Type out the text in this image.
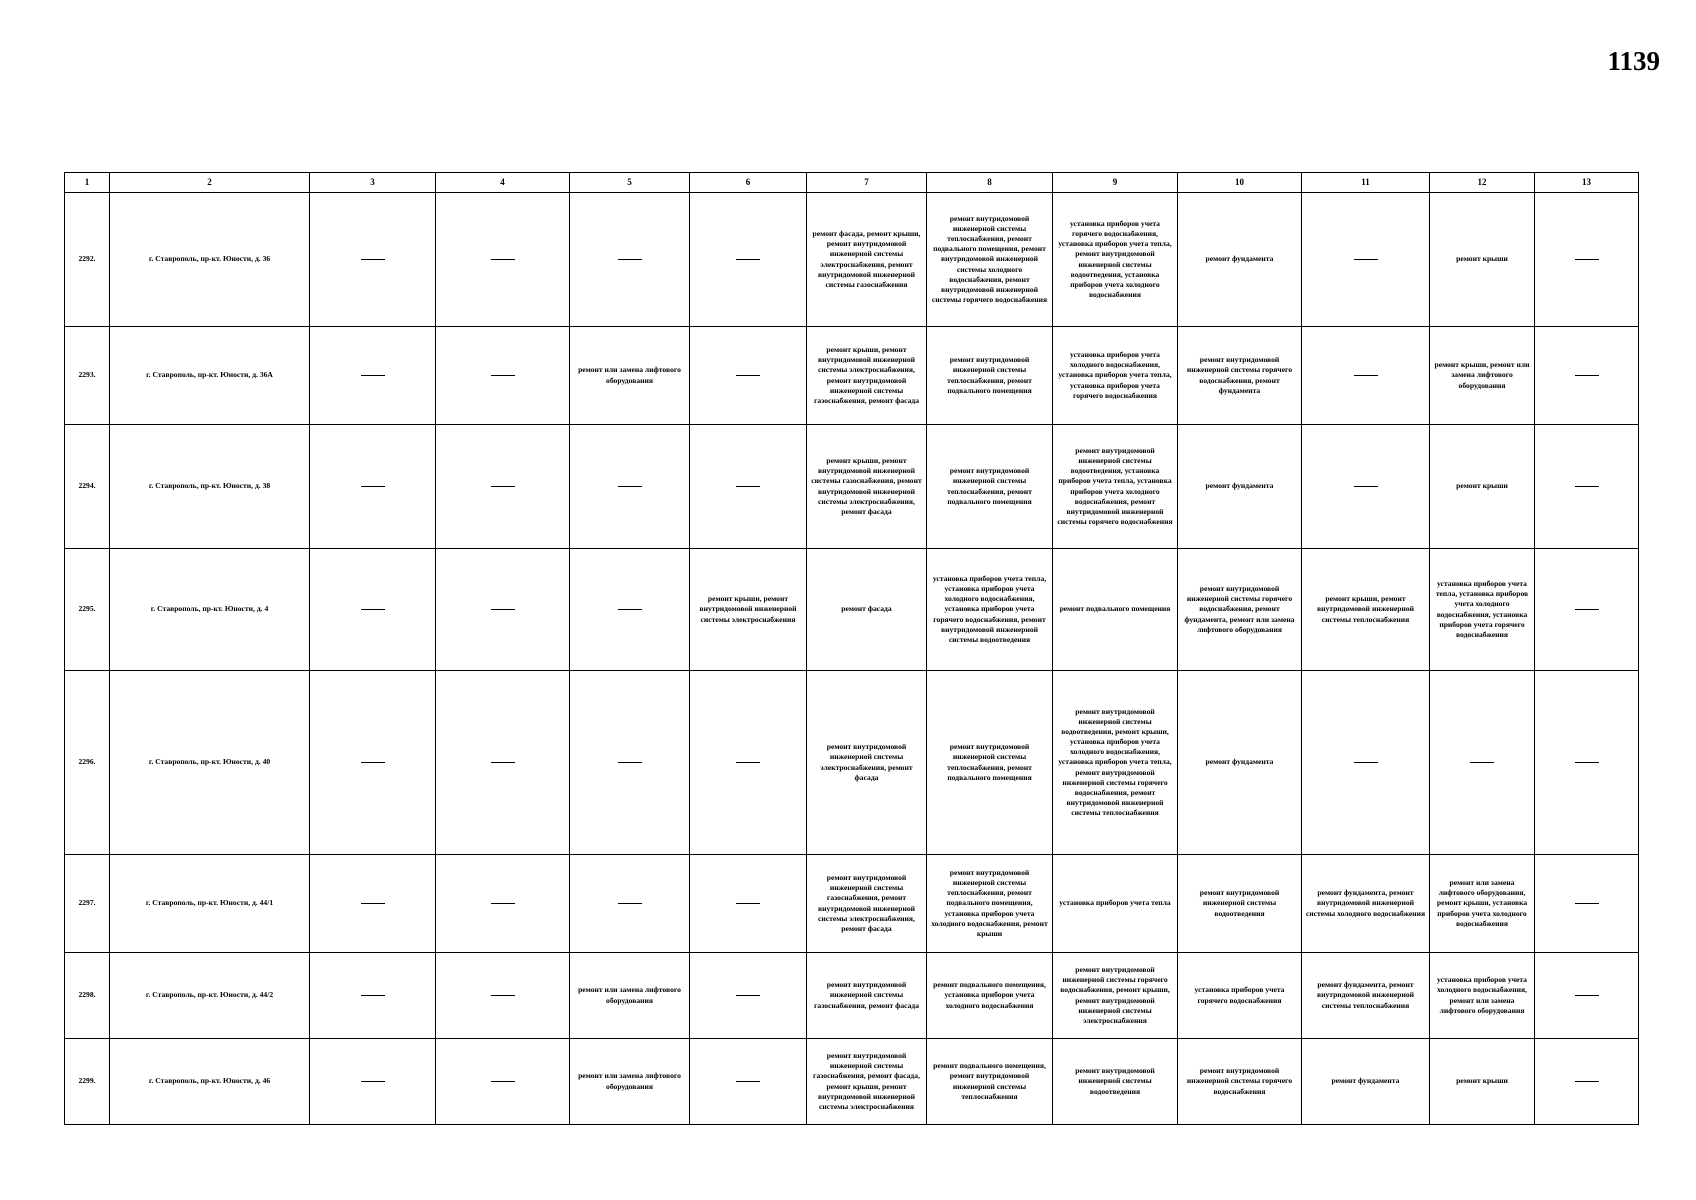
1139
1	2	3	4	5	6	7	8	9	10	11	12	13
2292.	г. Ставрополь, пр-кт. Юности, д. 36					ремонт фасада, ремонт крыши, ремонт внутридомовой инженерной системы электроснабжения, ремонт внутридомовой инженерной системы газоснабжения	ремонт внутридомовой инженерной системы теплоснабжения, ремонт подвального помещения, ремонт внутридомовой инженерной системы холодного водоснабжения, ремонт внутридомовой инженерной системы горячего водоснабжения	установка приборов учета горячего водоснабжения, установка приборов учета тепла, ремонт внутридомовой инженерной системы водоотведения, установка приборов учета холодного водоснабжения	ремонт фундамента		ремонт крыши	
2293.	г. Ставрополь, пр-кт. Юности, д. 36А			ремонт или замена лифтового оборудования		ремонт крыши, ремонт внутридомовой инженерной системы электроснабжения, ремонт внутридомовой инженерной системы газоснабжения, ремонт фасада	ремонт внутридомовой инженерной системы теплоснабжения, ремонт подвального помещения	установка приборов учета холодного водоснабжения, установка приборов учета тепла, установка приборов учета горячего водоснабжения	ремонт внутридомовой инженерной системы горячего водоснабжения, ремонт фундамента		ремонт крыши, ремонт или замена лифтового оборудования	
2294.	г. Ставрополь, пр-кт. Юности, д. 38					ремонт крыши, ремонт внутридомовой инженерной системы газоснабжения, ремонт внутридомовой инженерной системы электроснабжения, ремонт фасада	ремонт внутридомовой инженерной системы теплоснабжения, ремонт подвального помещения	ремонт внутридомовой инженерной системы водоотведения, установка приборов учета тепла, установка приборов учета холодного водоснабжения, ремонт внутридомовой инженерной системы горячего водоснабжения	ремонт фундамента		ремонт крыши	
2295.	г. Ставрополь, пр-кт. Юности, д. 4				ремонт крыши, ремонт внутридомовой инженерной системы электроснабжения	ремонт фасада	установка приборов учета тепла, установка приборов учета холодного водоснабжения, установка приборов учета горячего водоснабжения, ремонт внутридомовой инженерной системы водоотведения	ремонт подвального помещения	ремонт внутридомовой инженерной системы горячего водоснабжения, ремонт фундамента, ремонт или замена лифтового оборудования	ремонт крыши, ремонт внутридомовой инженерной системы теплоснабжения	установка приборов учета тепла, установка приборов учета холодного водоснабжения, установка приборов учета горячего водоснабжения	
2296.	г. Ставрополь, пр-кт. Юности, д. 40					ремонт внутридомовой инженерной системы электроснабжения, ремонт фасада	ремонт внутридомовой инженерной системы теплоснабжения, ремонт подвального помещения	ремонт внутридомовой инженерной системы водоотведения, ремонт крыши, установка приборов учета холодного водоснабжения, установка приборов учета тепла, ремонт внутридомовой инженерной системы горячего водоснабжения, ремонт внутридомовой инженерной системы теплоснабжения	ремонт фундамента			
2297.	г. Ставрополь, пр-кт. Юности, д. 44/1					ремонт внутридомовой инженерной системы газоснабжения, ремонт внутридомовой инженерной системы электроснабжения, ремонт фасада	ремонт внутридомовой инженерной системы теплоснабжения, ремонт подвального помещения, установка приборов учета холодного водоснабжения, ремонт крыши	установка приборов учета тепла	ремонт внутридомовой инженерной системы водоотведения	ремонт фундамента, ремонт внутридомовой инженерной системы холодного водоснабжения	ремонт или замена лифтового оборудования, ремонт крыши, установка приборов учета холодного водоснабжения	
2298.	г. Ставрополь, пр-кт. Юности, д. 44/2			ремонт или замена лифтового оборудования		ремонт внутридомовой инженерной системы газоснабжения, ремонт фасада	ремонт подвального помещения, установка приборов учета холодного водоснабжения	ремонт внутридомовой инженерной системы горячего водоснабжения, ремонт крыши, ремонт внутридомовой инженерной системы электроснабжения	установка приборов учета горячего водоснабжения	ремонт фундамента, ремонт внутридомовой инженерной системы теплоснабжения	установка приборов учета холодного водоснабжения, ремонт или замена лифтового оборудования	
2299.	г. Ставрополь, пр-кт. Юности, д. 46			ремонт или замена лифтового оборудования		ремонт внутридомовой инженерной системы газоснабжения, ремонт фасада, ремонт крыши, ремонт внутридомовой инженерной системы электроснабжения	ремонт подвального помещения, ремонт внутридомовой инженерной системы теплоснабжения	ремонт внутридомовой инженерной системы водоотведения	ремонт внутридомовой инженерной системы горячего водоснабжения	ремонт фундамента	ремонт крыши	
